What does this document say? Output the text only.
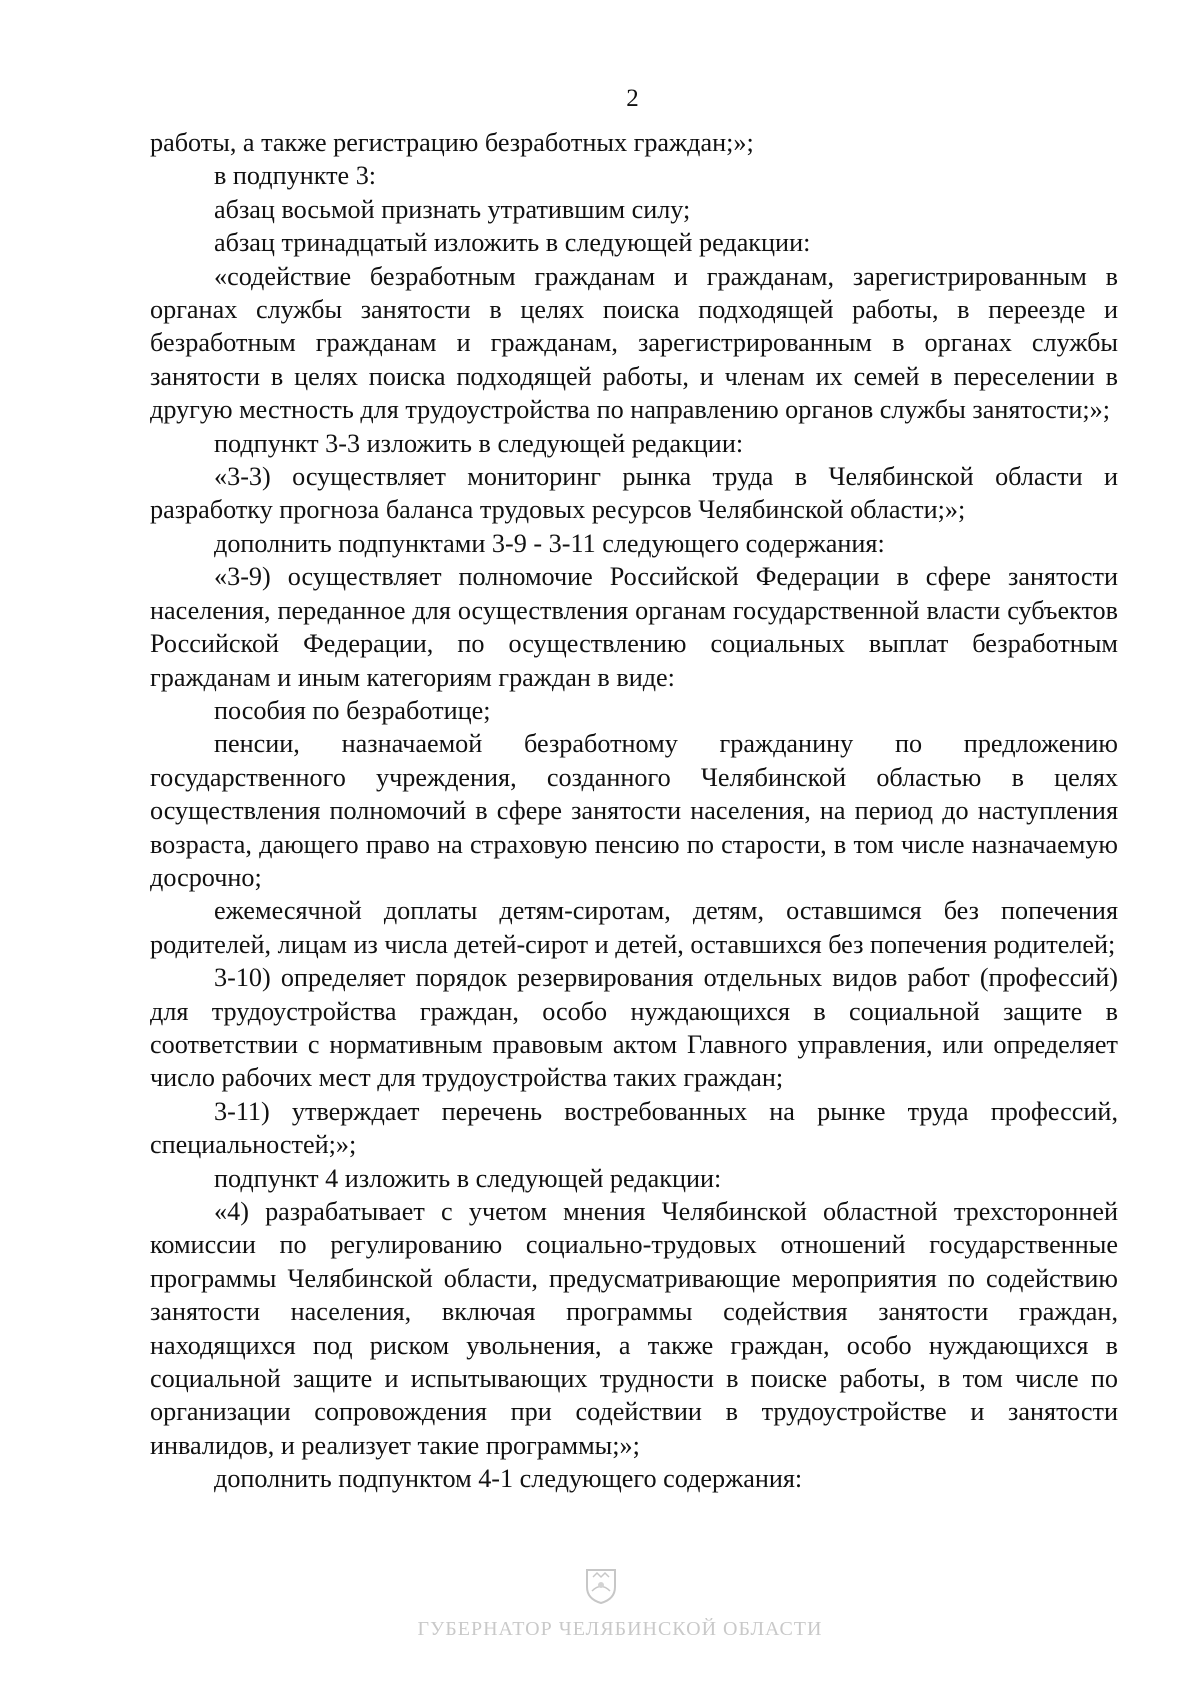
2

работы, а также регистрацию безработных граждан;»;

в подпункте 3:

абзац восьмой признать утратившим силу;

абзац тринадцатый изложить в следующей редакции:

«содействие безработным гражданам и гражданам, зарегистрированным в органах службы занятости в целях поиска подходящей работы, в переезде и безработным гражданам и гражданам, зарегистрированным в органах службы занятости в целях поиска подходящей работы, и членам их семей в переселении в другую местность для трудоустройства по направлению органов службы занятости;»;

подпункт 3-3 изложить в следующей редакции:

«3-3) осуществляет мониторинг рынка труда в Челябинской области и разработку прогноза баланса трудовых ресурсов Челябинской области;»;

дополнить подпунктами 3-9 - 3-11 следующего содержания:

«3-9) осуществляет полномочие Российской Федерации в сфере занятости населения, переданное для осуществления органам государственной власти субъектов Российской Федерации, по осуществлению социальных выплат безработным гражданам и иным категориям граждан в виде:

пособия по безработице;

пенсии, назначаемой безработному гражданину по предложению государственного учреждения, созданного Челябинской областью в целях осуществления полномочий в сфере занятости населения, на период до наступления возраста, дающего право на страховую пенсию по старости, в том числе назначаемую досрочно;

ежемесячной доплаты детям-сиротам, детям, оставшимся без попечения родителей, лицам из числа детей-сирот и детей, оставшихся без попечения родителей;

3-10) определяет порядок резервирования отдельных видов работ (профессий) для трудоустройства граждан, особо нуждающихся в социальной защите в соответствии с нормативным правовым актом Главного управления, или определяет число рабочих мест для трудоустройства таких граждан;

3-11) утверждает перечень востребованных на рынке труда профессий, специальностей;»;

подпункт 4 изложить в следующей редакции:

«4) разрабатывает с учетом мнения Челябинской областной трехсторонней комиссии по регулированию социально-трудовых отношений государственные программы Челябинской области, предусматривающие мероприятия по содействию занятости населения, включая программы содействия занятости граждан, находящихся под риском увольнения, а также граждан, особо нуждающихся в социальной защите и испытывающих трудности в поиске работы, в том числе по организации сопровождения при содействии в трудоустройстве и занятости инвалидов, и реализует такие программы;»;

дополнить подпунктом 4-1 следующего содержания:

ГУБЕРНАТОР ЧЕЛЯБИНСКОЙ ОБЛАСТИ
